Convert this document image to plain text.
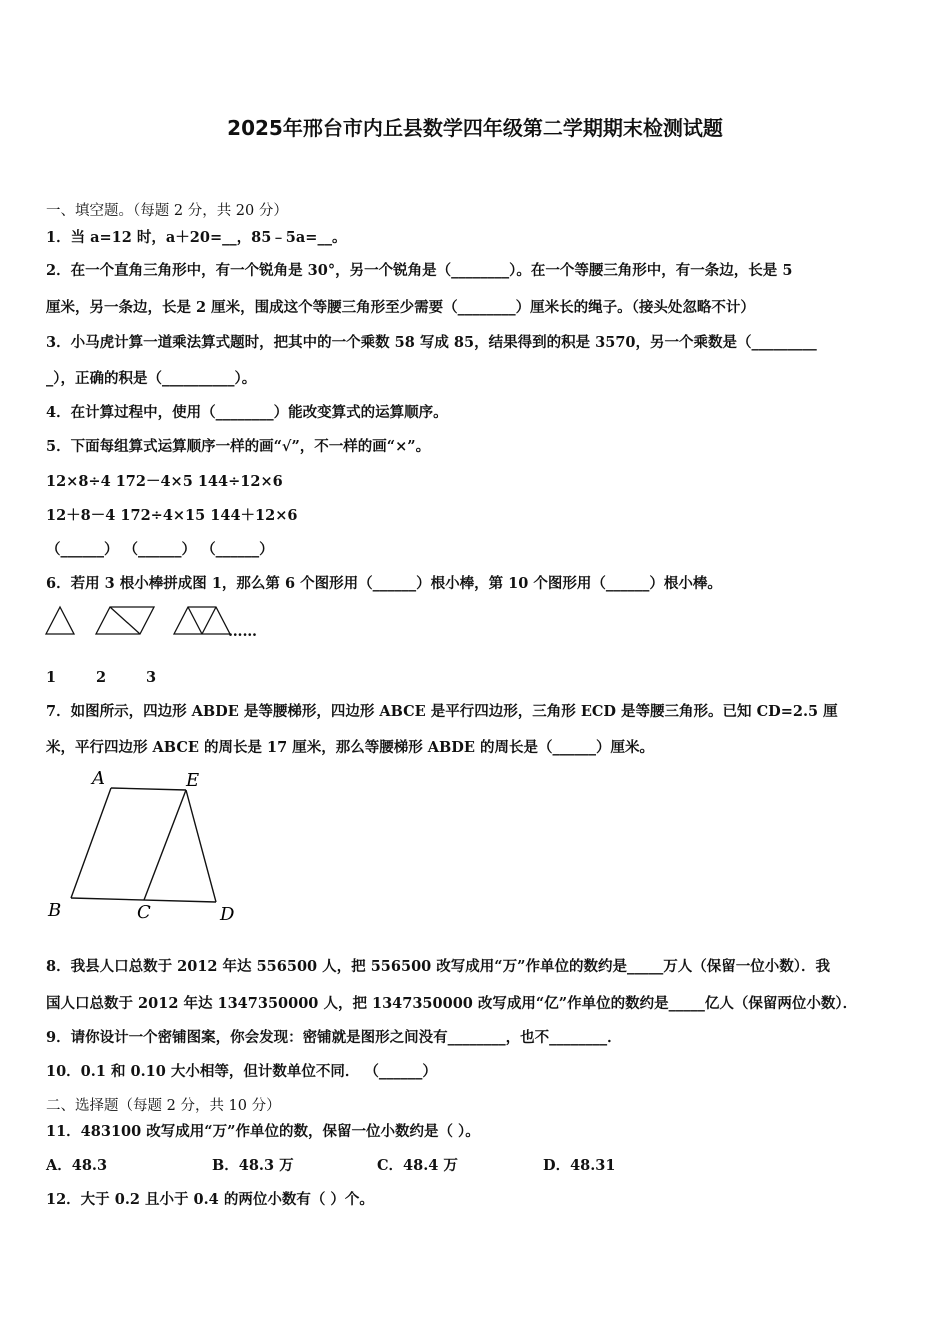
2025年邢台市内丘县数学四年级第二学期期末检测试题
一、填空题。（每题 2 分，共 20 分）
1．当 a=12 时，a＋20=__，85﹣5a=__。
2．在一个直角三角形中，有一个锐角是 30°，另一个锐角是（________）。在一个等腰三角形中，有一条边，长是 5
厘米，另一条边，长是 2 厘米，围成这个等腰三角形至少需要（________）厘米长的绳子。（接头处忽略不计）
3．小马虎计算一道乘法算式题时，把其中的一个乘数 58 写成 85，结果得到的积是 3570，另一个乘数是（_________
_），正确的积是（__________）。
4．在计算过程中，使用（________）能改变算式的运算顺序。
5．下面每组算式运算顺序一样的画“√”，不一样的画“×”。
12×8÷4 172－4×5 144÷12×6
12＋8－4 172÷4×15 144＋12×6
（______） （______） （______）
6．若用 3 根小棒拼成图 1，那么第 6 个图形用（______）根小棒，第 10 个图形用（______）根小棒。
……
1	2	3
7．如图所示，四边形 ABDE 是等腰梯形，四边形 ABCE 是平行四边形，三角形 ECD 是等腰三角形。已知 CD=2.5 厘
米，平行四边形 ABCE 的周长是 17 厘米，那么等腰梯形 ABDE 的周长是（______）厘米。
A	E
B	C	D
8．我县人口总数于 2012 年达 556500 人，把 556500 改写成用“万”作单位的数约是_____万人（保留一位小数）．我
国人口总数于 2012 年达 1347350000 人，把 1347350000 改写成用“亿”作单位的数约是_____亿人（保留两位小数）．
9．请你设计一个密铺图案，你会发现：密铺就是图形之间没有________，也不________．
10．0.1 和 0.10 大小相等，但计数单位不同． （______）
二、选择题（每题 2 分，共 10 分）
11．483100 改写成用“万”作单位的数，保留一位小数约是（ ）。
A．48.3	B．48.3 万	C．48.4 万	D．48.31
12．大于 0.2 且小于 0.4 的两位小数有（ ）个。
